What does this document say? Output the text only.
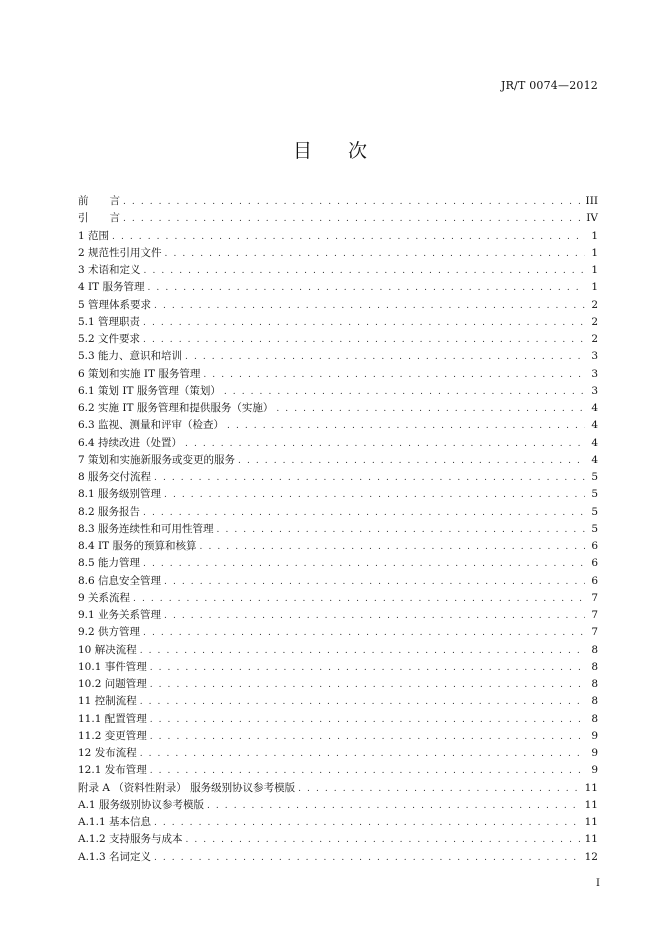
JR/T 0074—2012
目 次
前　　言 . . .	III
引　　言 . . .	IV
1 范围 . . .	1
2 规范性引用文件 . . .	1
3 术语和定义 . . .	1
4 IT 服务管理 . . .	1
5 管理体系要求 . . .	2
5.1 管理职责 . . .	2
5.2 文件要求 . . .	2
5.3 能力、意识和培训 . . .	3
6 策划和实施 IT 服务管理 . . .	3
6.1 策划 IT 服务管理（策划） . . .	3
6.2 实施 IT 服务管理和提供服务（实施） . . .	4
6.3 监视、测量和评审（检查） . . .	4
6.4 持续改进（处置） . . .	4
7 策划和实施新服务或变更的服务 . . .	4
8 服务交付流程 . . .	5
8.1 服务级别管理 . . .	5
8.2 服务报告 . . .	5
8.3 服务连续性和可用性管理 . . .	5
8.4 IT 服务的预算和核算 . . .	6
8.5 能力管理 . . .	6
8.6 信息安全管理 . . .	6
9 关系流程 . . .	7
9.1 业务关系管理 . . .	7
9.2 供方管理 . . .	7
10 解决流程 . . .	8
10.1 事件管理 . . .	8
10.2 问题管理 . . .	8
11 控制流程 . . .	8
11.1 配置管理 . . .	8
11.2 变更管理 . . .	9
12 发布流程 . . .	9
12.1 发布管理 . . .	9
附录 A （资料性附录） 服务级别协议参考模版 . . .	11
A.1 服务级别协议参考模版 . . .	11
A.1.1 基本信息 . . .	11
A.1.2 支持服务与成本 . . .	11
A.1.3 名词定义 . . .	12
I
